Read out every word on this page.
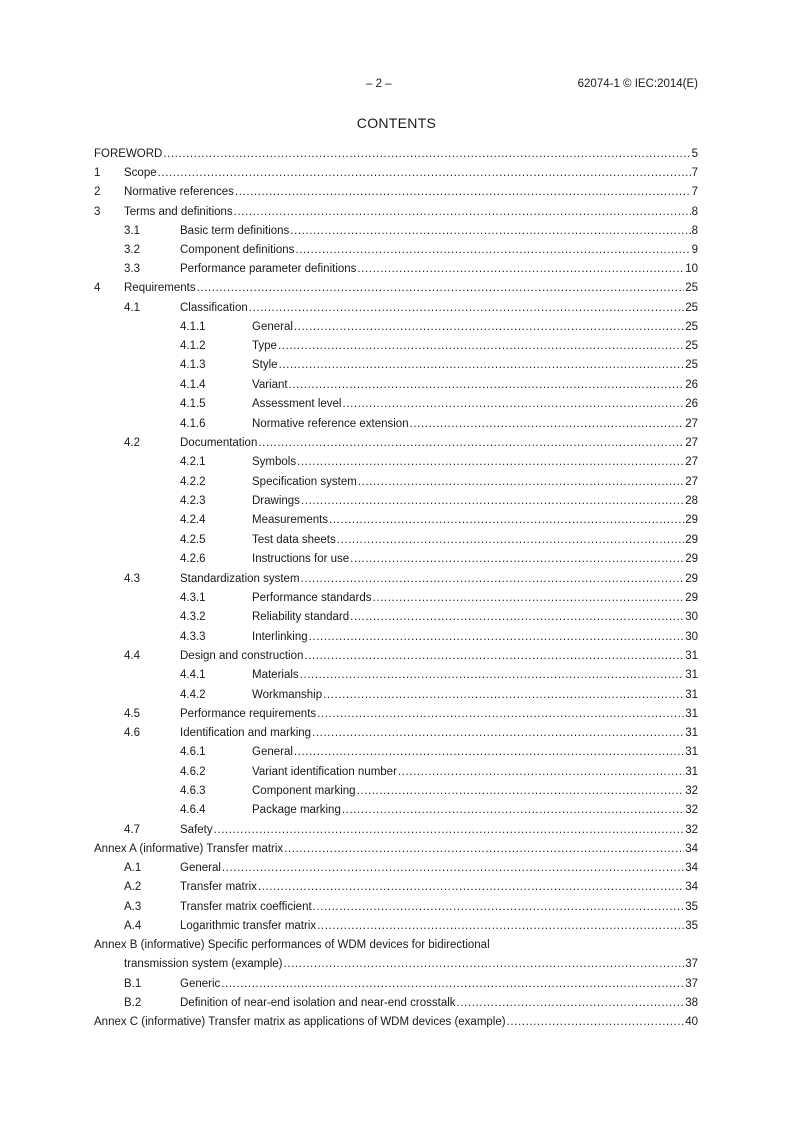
– 2 –	62074-1 © IEC:2014(E)
CONTENTS
FOREWORD .....	5
1 Scope .....	7
2 Normative references .....	7
3 Terms and definitions .....	8
3.1	Basic term definitions .....	8
3.2	Component definitions .....	9
3.3	Performance parameter definitions .....	10
4 Requirements .....	25
4.1	Classification .....	25
4.1.1	General .....	25
4.1.2	Type .....	25
4.1.3	Style .....	25
4.1.4	Variant .....	26
4.1.5	Assessment level .....	26
4.1.6	Normative reference extension .....	27
4.2	Documentation .....	27
4.2.1	Symbols .....	27
4.2.2	Specification system .....	27
4.2.3	Drawings .....	28
4.2.4	Measurements .....	29
4.2.5	Test data sheets .....	29
4.2.6	Instructions for use .....	29
4.3	Standardization system .....	29
4.3.1	Performance standards .....	29
4.3.2	Reliability standard .....	30
4.3.3	Interlinking .....	30
4.4	Design and construction .....	31
4.4.1	Materials .....	31
4.4.2	Workmanship .....	31
4.5	Performance requirements .....	31
4.6	Identification and marking .....	31
4.6.1	General .....	31
4.6.2	Variant identification number .....	31
4.6.3	Component marking .....	32
4.6.4	Package marking .....	32
4.7	Safety .....	32
Annex A (informative) Transfer matrix .....	34
A.1	General .....	34
A.2	Transfer matrix .....	34
A.3	Transfer matrix coefficient .....	35
A.4	Logarithmic transfer matrix .....	35
Annex B (informative) Specific performances of WDM devices for bidirectional
transmission system (example) .....	37
B.1	Generic .....	37
B.2	Definition of near-end isolation and near-end crosstalk .....	38
Annex C (informative) Transfer matrix as applications of WDM devices (example) .....	40
